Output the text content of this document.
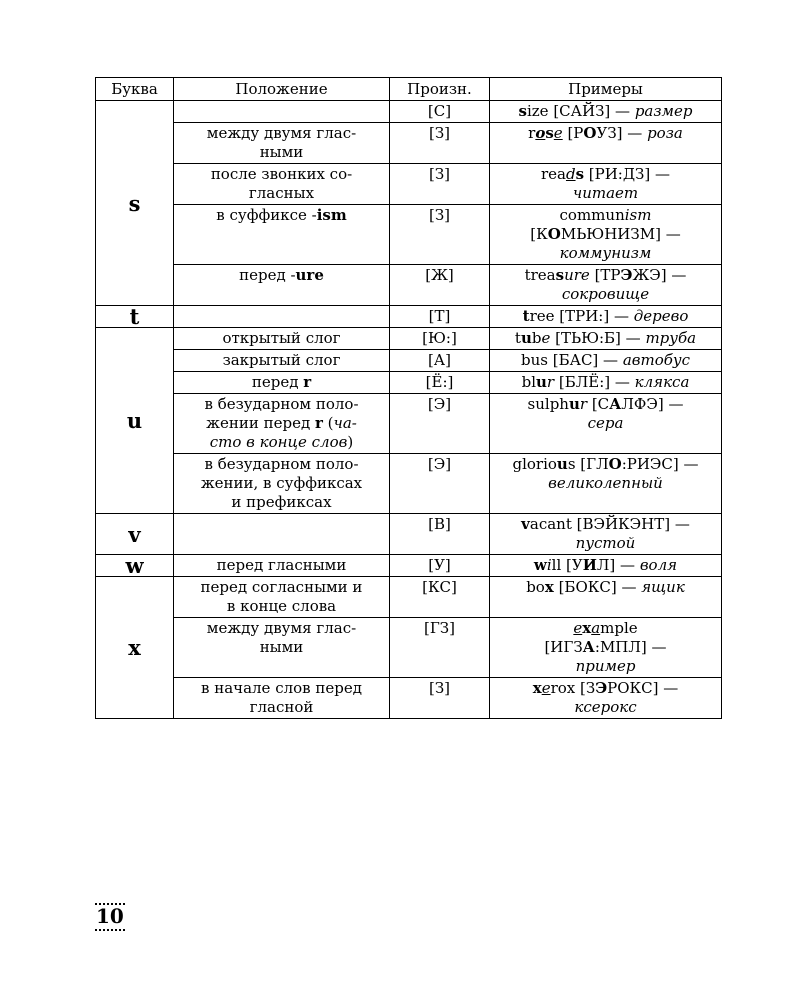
Буква	Положение	Произн.	Примеры
s		[С]	size [САЙЗ] — размер
	между двумя глас-
ными	[З]	rose [РОУЗ] — роза
	после звонких со-
гласных	[З]	reads [РИ:ДЗ] —
читает
	в суффиксе -ism	[З]	communism
[КОМЬЮНИЗМ] —
коммунизм
	перед -ure	[Ж]	treasure [ТРЭЖЭ] —
сокровище
t		[Т]	tree [ТРИ:] — дерево
u	открытый слог	[Ю:]	tube [ТЬЮ:Б] — труба
	закрытый слог	[А]	bus [БАС] — автобус
	перед r	[Ё:]	blur [БЛЁ:] — клякса
	в безударном поло-
жении перед r (ча-
сто в конце слов)	[Э]	sulphur [САЛФЭ] —
сера
	в безударном поло-
жении, в суффиксах
и префиксах	[Э]	glorious [ГЛО:РИЭС] —
великолепный
v		[В]	vacant [ВЭЙКЭНТ] —
пустой
w	перед гласными	[У]	will [УИЛ] — воля
x	перед согласными и
в конце слова	[КС]	box [БОКС] — ящик
	между двумя глас-
ными	[ГЗ]	example
[ИГЗА:МПЛ] —
пример
	в начале слов перед
гласной	[З]	xerox [ЗЭРОКС] —
ксерокс
10
